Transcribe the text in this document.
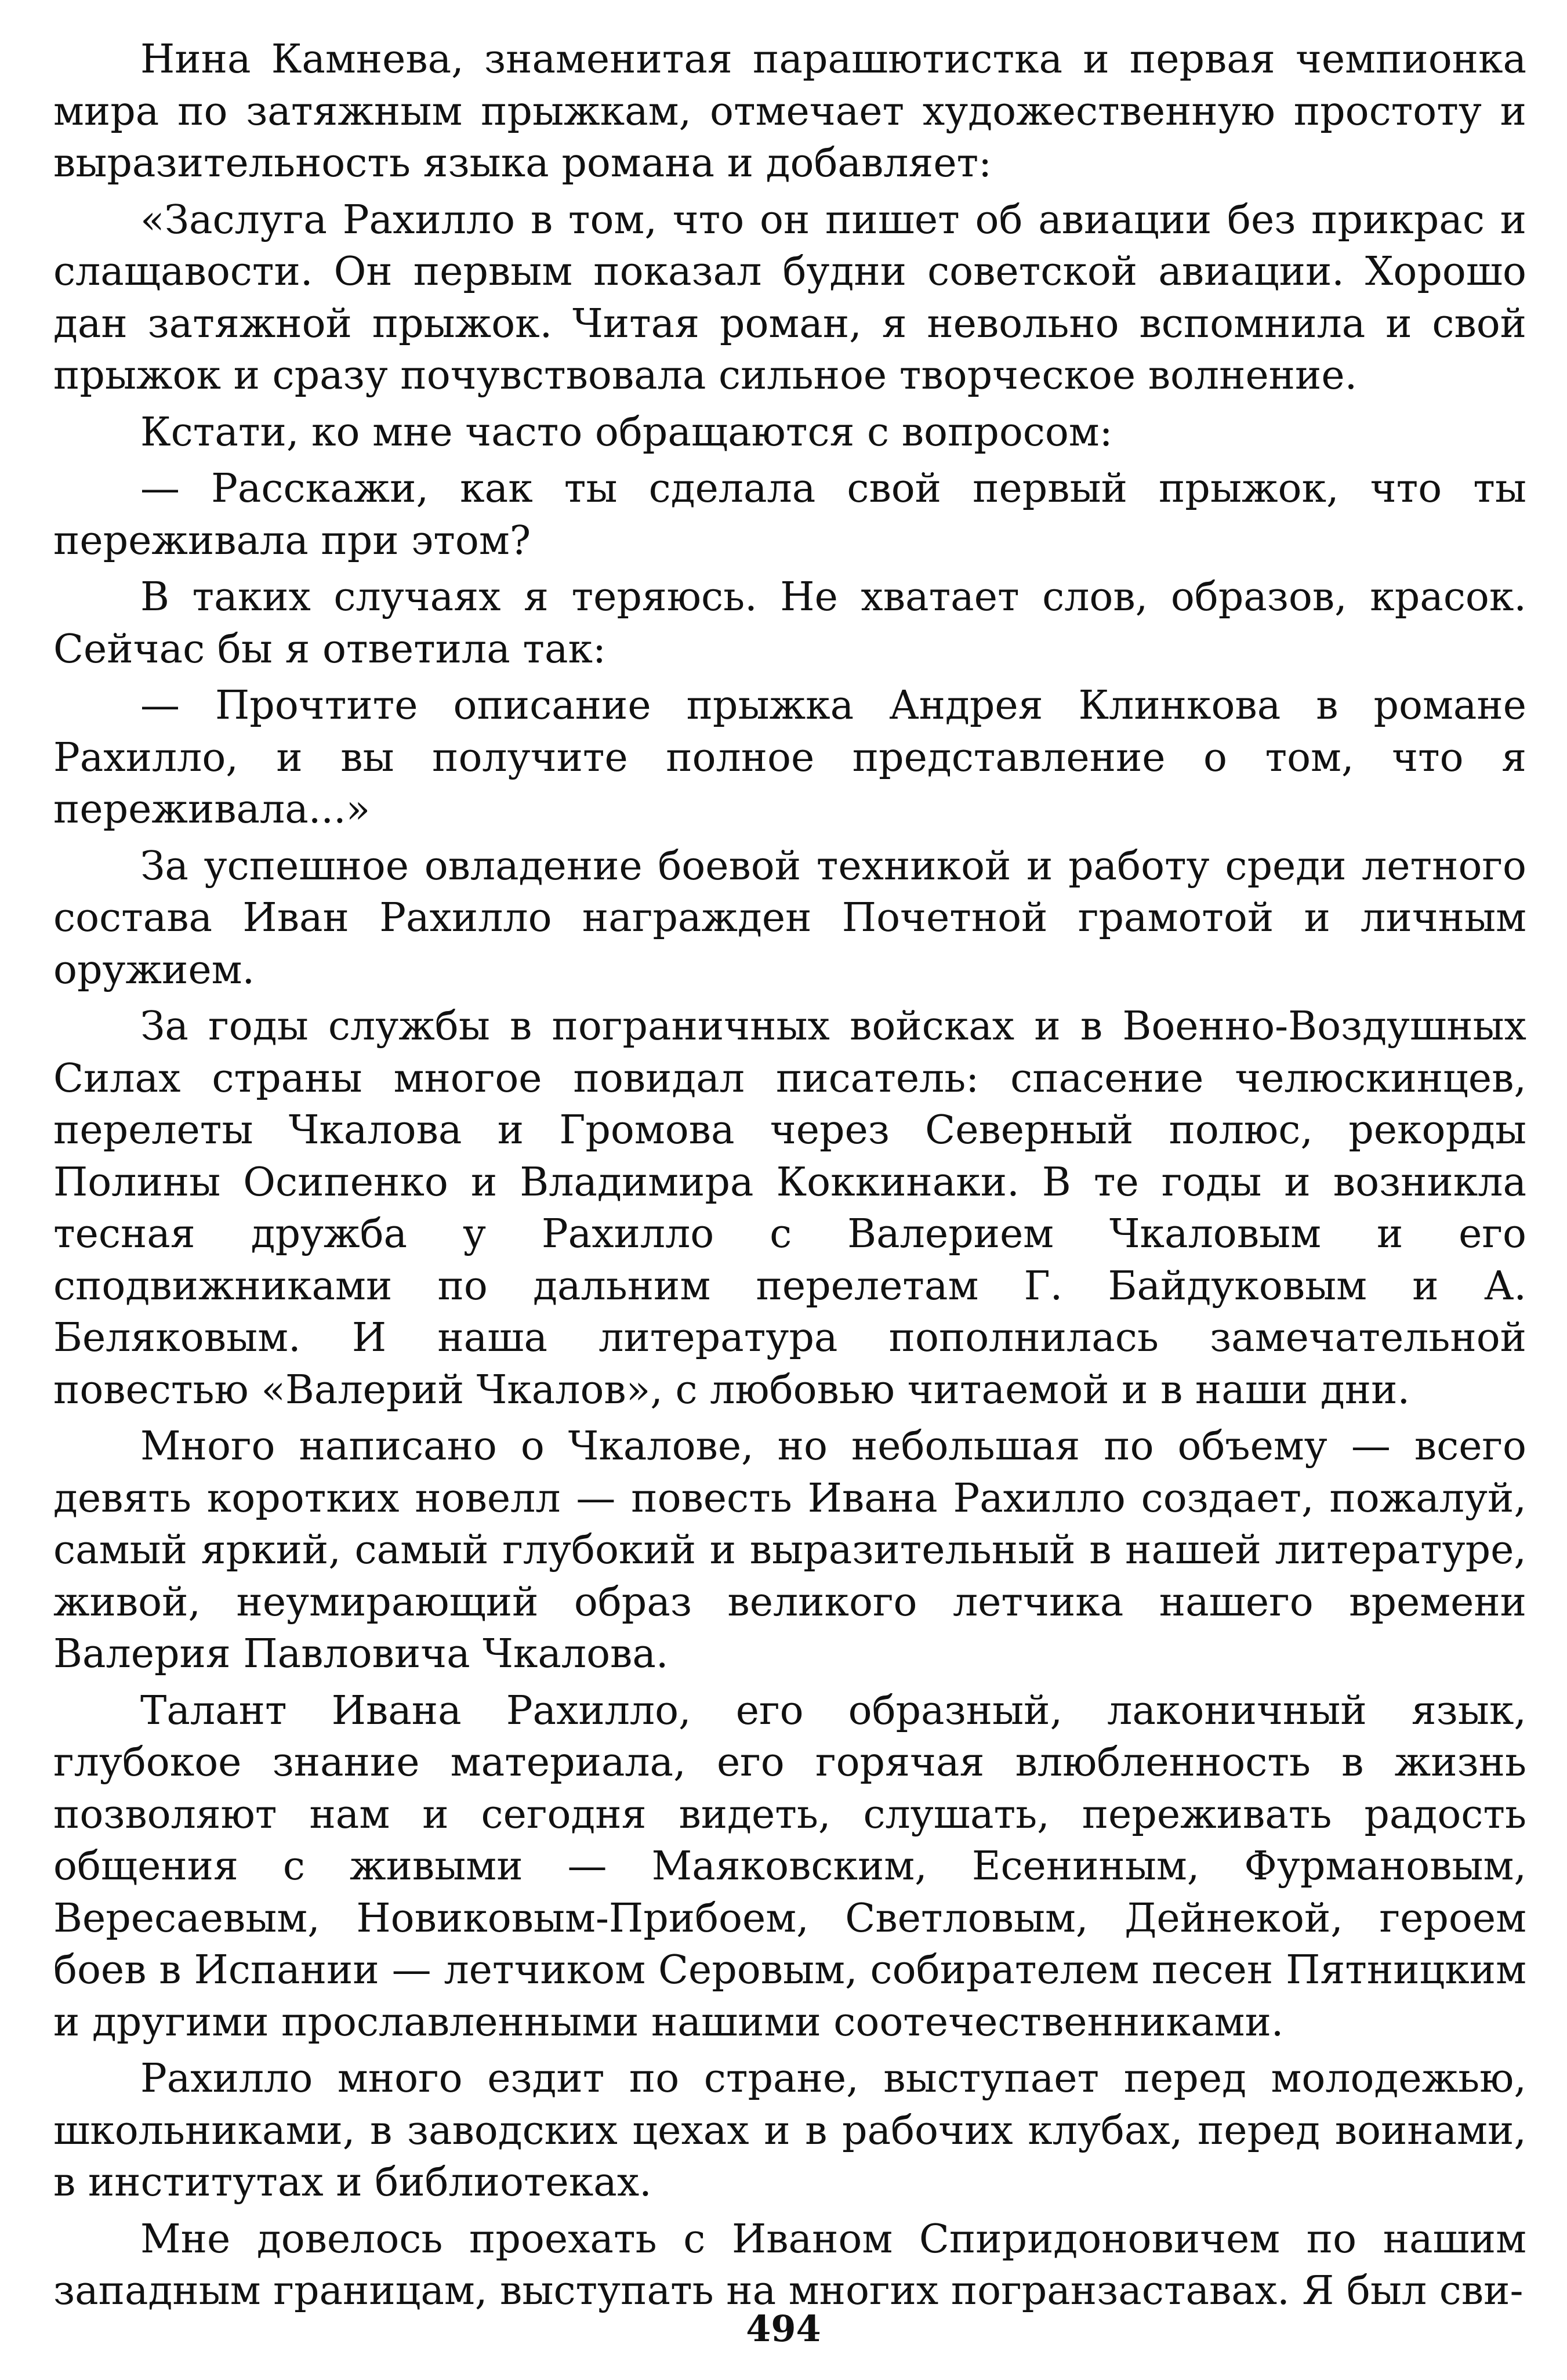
Нина Камнева, знаменитая парашютистка и первая чемпионка мира по затяжным прыжкам, отмечает художественную простоту и выразительность языка романа и добавляет:

«Заслуга Рахилло в том, что он пишет об авиации без прикрас и слащавости. Он первым показал будни советской авиации. Хорошо дан затяжной прыжок. Читая роман, я невольно вспомнила и свой прыжок и сразу почувствовала сильное творческое волнение.

Кстати, ко мне часто обращаются с вопросом:

— Расскажи, как ты сделала свой первый прыжок, что ты переживала при этом?

В таких случаях я теряюсь. Не хватает слов, образов, красок. Сейчас бы я ответила так:

— Прочтите описание прыжка Андрея Клинкова в романе Рахилло, и вы получите полное представление о том, что я переживала...»

За успешное овладение боевой техникой и работу среди летного состава Иван Рахилло награжден Почетной грамотой и личным оружием.

За годы службы в пограничных войсках и в Военно-Воздушных Силах страны многое повидал писатель: спасение челюскинцев, перелеты Чкалова и Громова через Северный полюс, рекорды Полины Осипенко и Владимира Коккинаки. В те годы и возникла тесная дружба у Рахилло с Валерием Чкаловым и его сподвижниками по дальним перелетам Г. Байдуковым и А. Беляковым. И наша литература пополнилась замечательной повестью «Валерий Чкалов», с любовью читаемой и в наши дни.

Много написано о Чкалове, но небольшая по объему — всего девять коротких новелл — повесть Ивана Рахилло создает, пожалуй, самый яркий, самый глубокий и выразительный в нашей литературе, живой, неумирающий образ великого летчика нашего времени Валерия Павловича Чкалова.

Талант Ивана Рахилло, его образный, лаконичный язык, глубокое знание материала, его горячая влюбленность в жизнь позволяют нам и сегодня видеть, слушать, переживать радость общения с живыми — Маяковским, Есениным, Фурмановым, Вересаевым, Новиковым-Прибоем, Светловым, Дейнекой, героем боев в Испании — летчиком Серовым, собирателем песен Пятницким и другими прославленными нашими соотечественниками.

Рахилло много ездит по стране, выступает перед молодежью, школьниками, в заводских цехах и в рабочих клубах, перед воинами, в институтах и библиотеках.

Мне довелось проехать с Иваном Спиридоновичем по нашим западным границам, выступать на многих погранзаставах. Я был сви-

494
